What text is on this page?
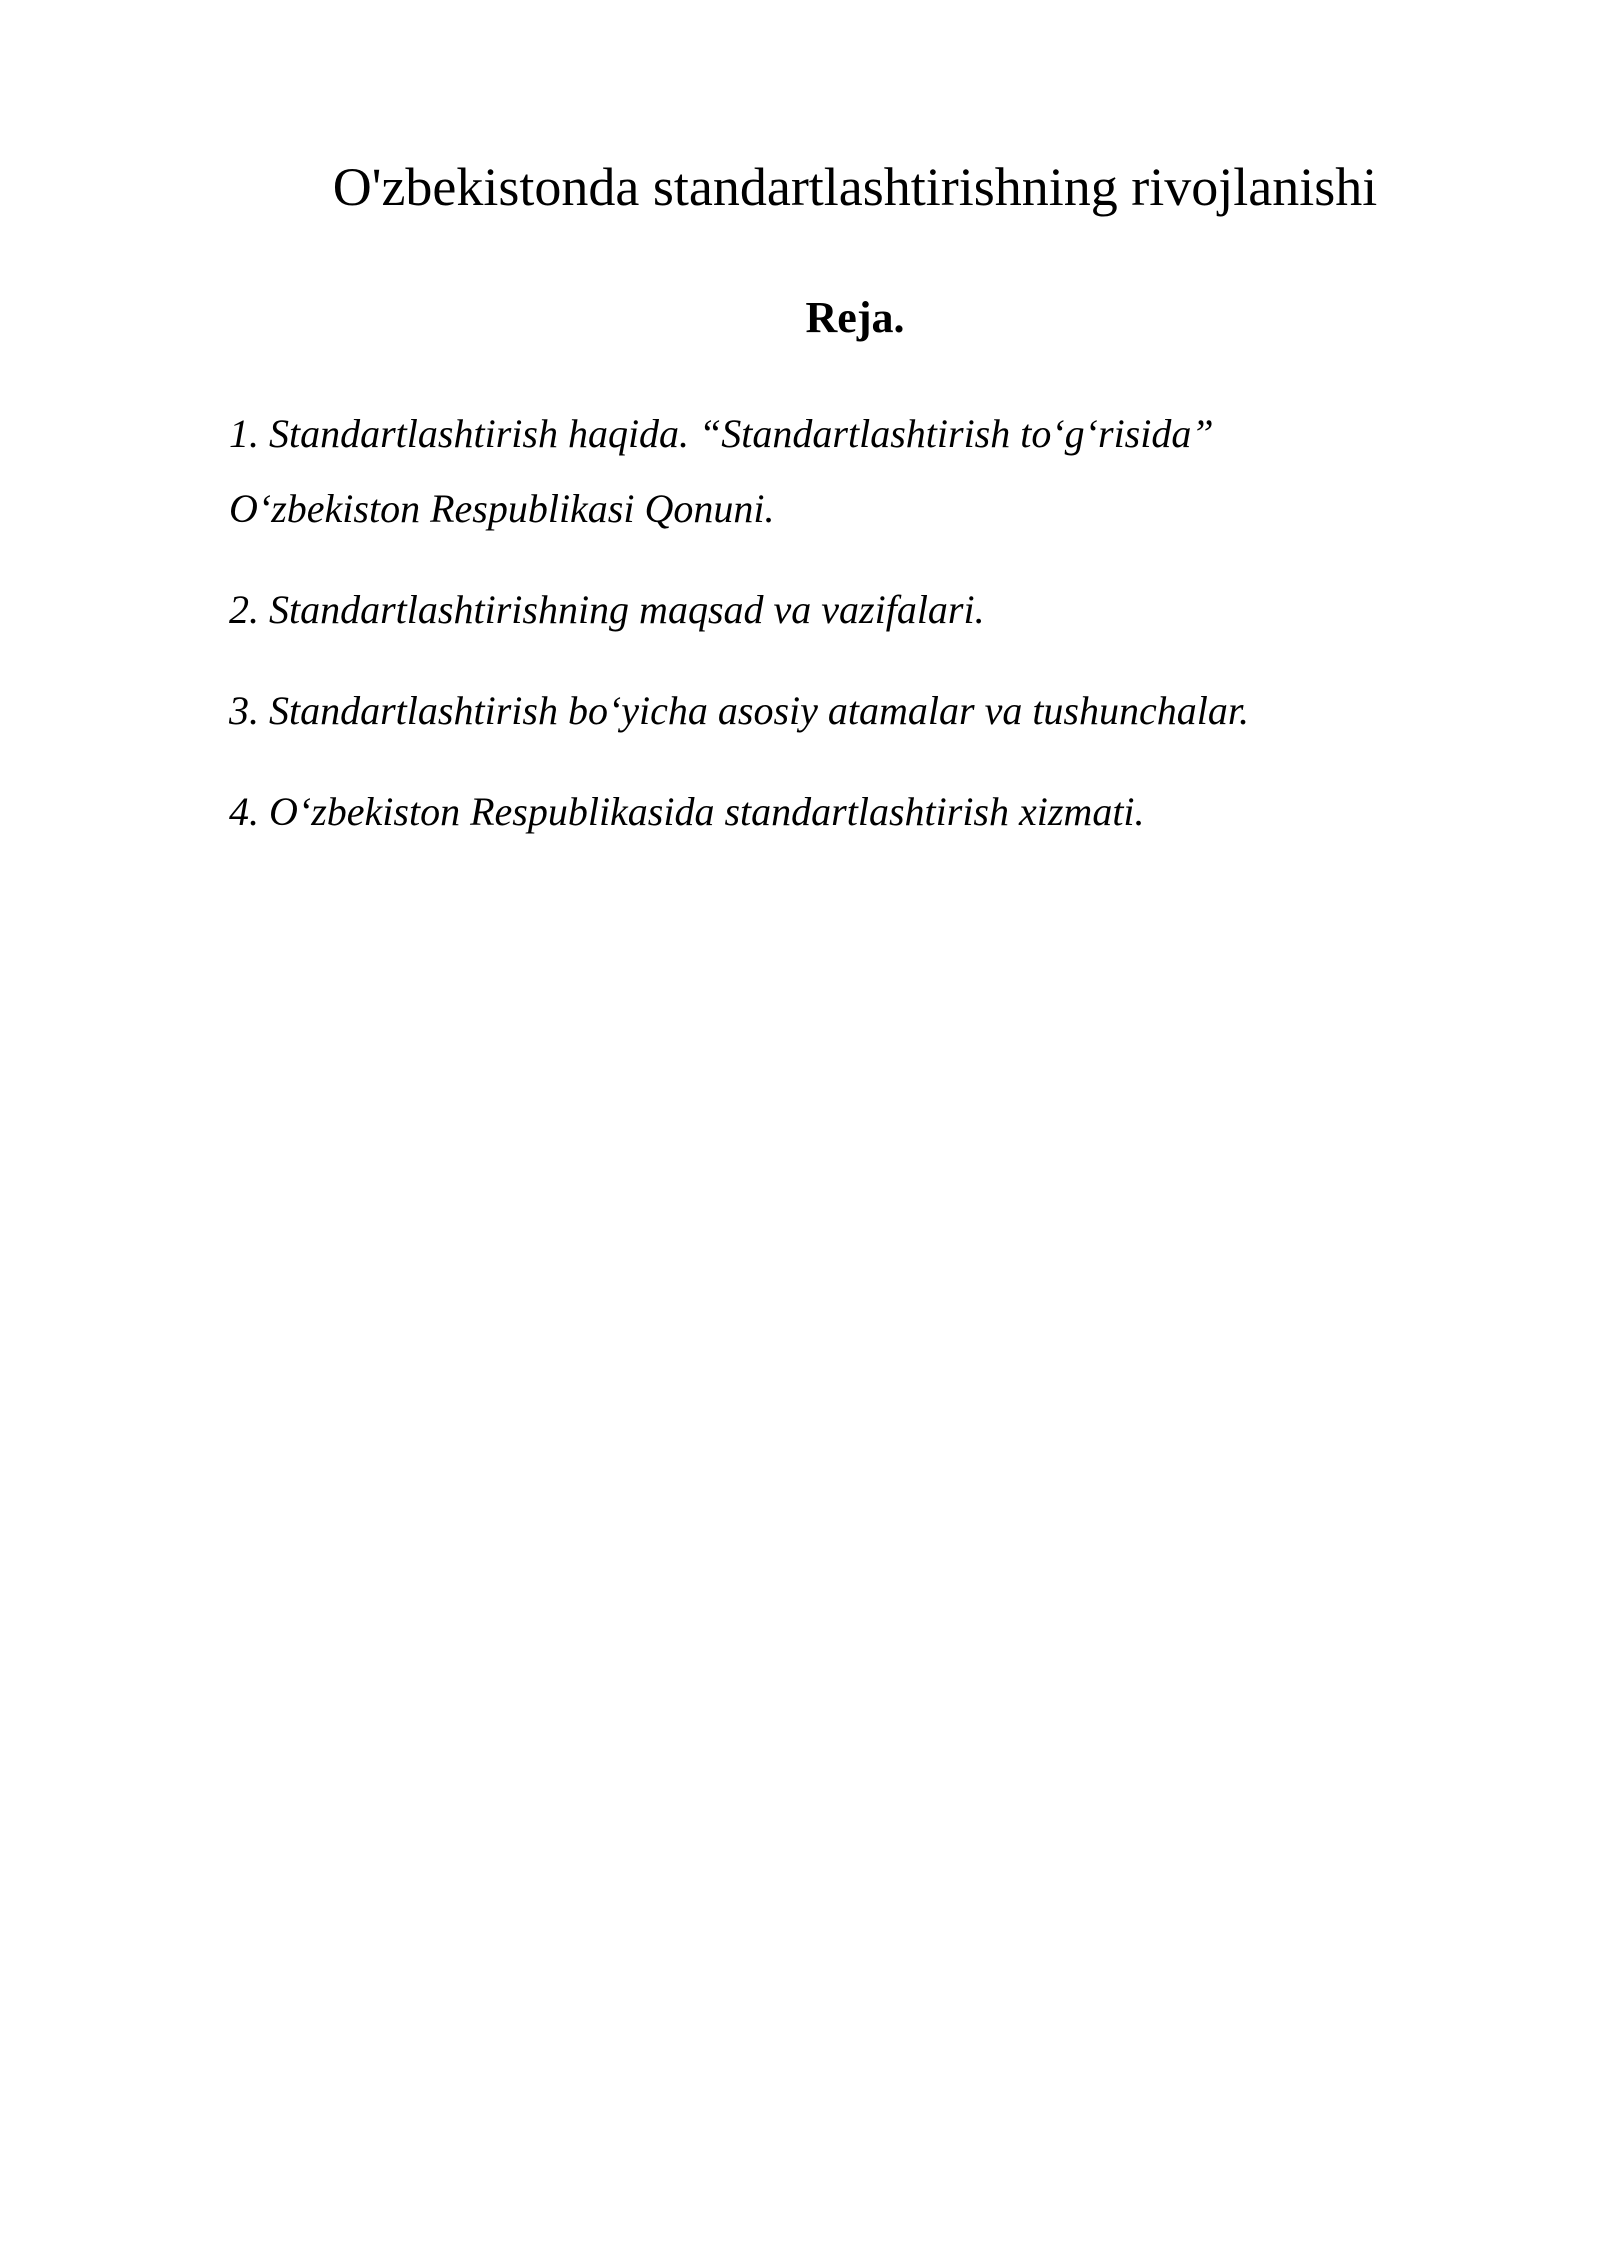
O'zbekistonda standartlashtirishning rivojlanishi
Reja.
1. Standartlashtirish haqida. “Standartlashtirish to‘g‘risida”
O‘zbekiston Respublikasi Qonuni.
2. Standartlashtirishning maqsad va vazifalari.
3. Standartlashtirish bo‘yicha asosiy atamalar va tushunchalar.
4. O‘zbekiston Respublikasida standartlashtirish xizmati.
